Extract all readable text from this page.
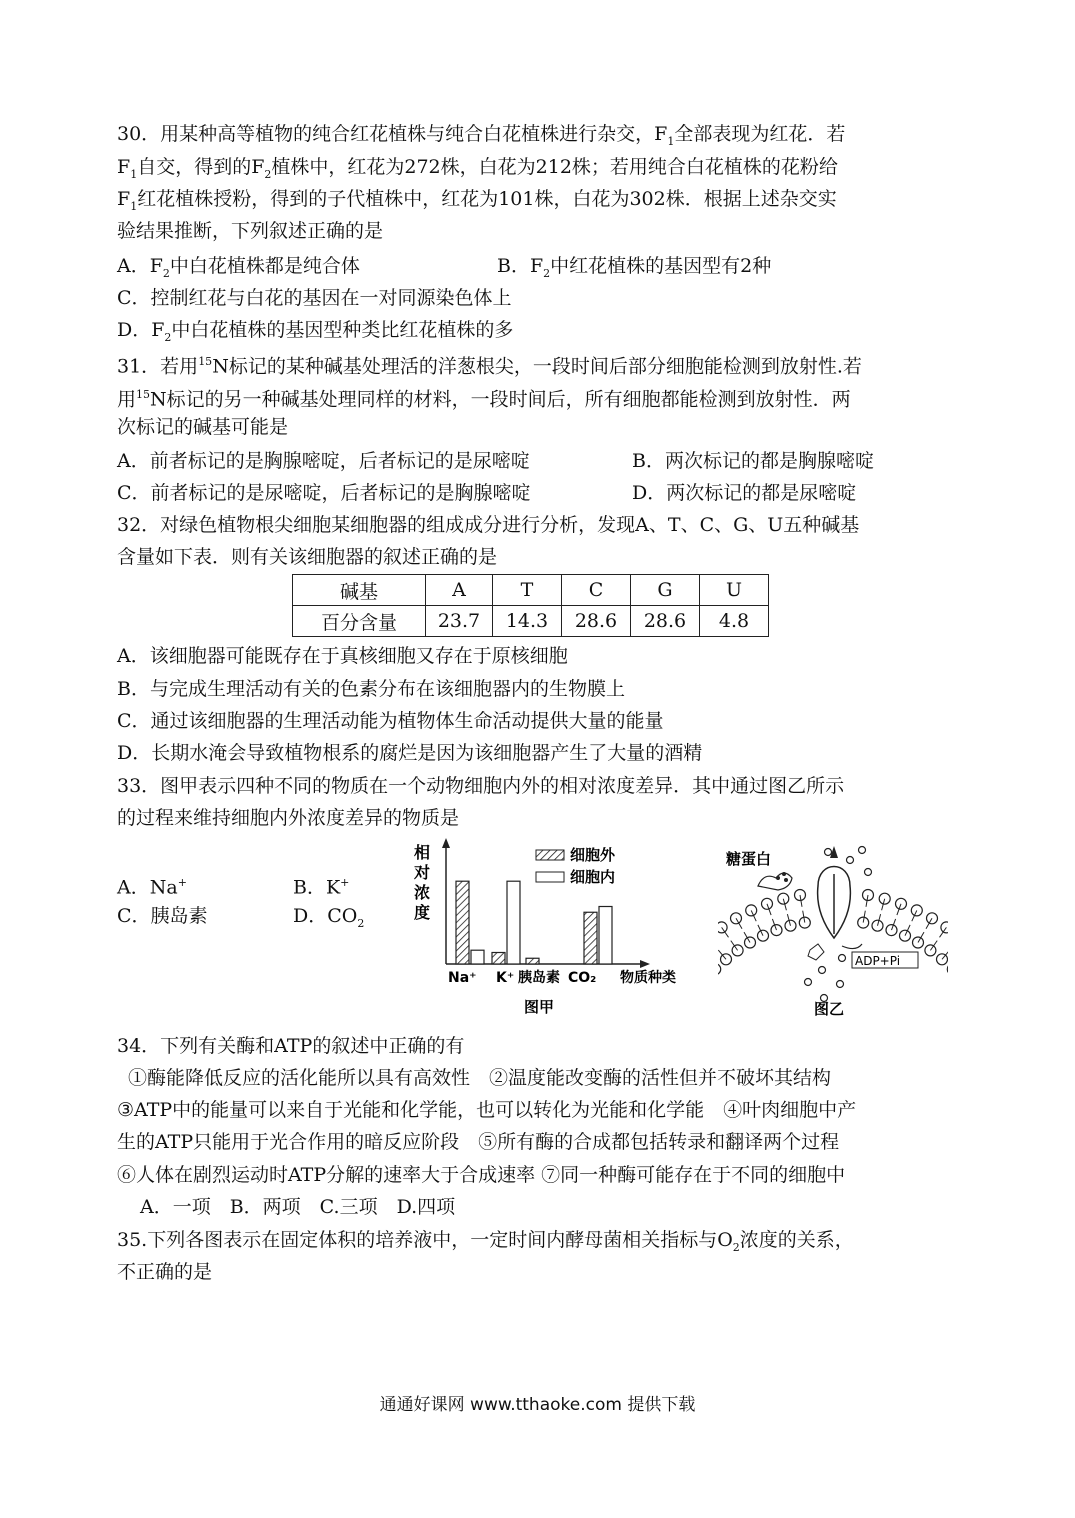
30．用某种高等植物的纯合红花植株与纯合白花植株进行杂交，$F_1$全部表现为红花．若
$F_1$自交，得到的$F_2$植株中，红花为272株，白花为212株；若用纯合白花植株的花粉给
$F_1$红花植株授粉，得到的子代植株中，红花为101株，白花为302株．根据上述杂交实
验结果推断，下列叙述正确的是
A．$F_2$中白花植株都是纯合体	B．$F_2$中红花植株的基因型有2种
C．控制红花与白花的基因在一对同源染色体上
D．$F_2$中白花植株的基因型种类比红花植株的多
31．若用$^{15}$N标记的某种碱基处理活的洋葱根尖，一段时间后部分细胞能检测到放射性.若
用$^{15}$N标记的另一种碱基处理同样的材料，一段时间后，所有细胞都能检测到放射性．两
次标记的碱基可能是
A．前者标记的是胸腺嘧啶，后者标记的是尿嘧啶	B．两次标记的都是胸腺嘧啶
C．前者标记的是尿嘧啶，后者标记的是胸腺嘧啶	D．两次标记的都是尿嘧啶
32．对绿色植物根尖细胞某细胞器的组成成分进行分析，发现A、T、C、G、U五种碱基
含量如下表．则有关该细胞器的叙述正确的是
碱基	A	T	C	G	U
百分含量	23.7	14.3	28.6	28.6	4.8
A．该细胞器可能既存在于真核细胞又存在于原核细胞
B．与完成生理活动有关的色素分布在该细胞器内的生物膜上
C．通过该细胞器的生理活动能为植物体生命活动提供大量的能量
D．长期水淹会导致植物根系的腐烂是因为该细胞器产生了大量的酒精
33．图甲表示四种不同的物质在一个动物细胞内外的相对浓度差异．其中通过图乙所示
的过程来维持细胞内外浓度差异的物质是
A．Na+	B．K+
C．胰岛素	D．$CO_2$
相
对
浓
度
细胞外
细胞内
Na⁺ K⁺ 胰岛素 CO₂ 物质种类
图甲
糖蛋白
ADP+Pi
图乙
34．下列有关酶和ATP的叙述中正确的有
①酶能降低反应的活化能所以具有高效性　②温度能改变酶的活性但并不破坏其结构
③ATP中的能量可以来自于光能和化学能，也可以转化为光能和化学能　④叶肉细胞中产
生的ATP只能用于光合作用的暗反应阶段　⑤所有酶的合成都包括转录和翻译两个过程
⑥人体在剧烈运动时ATP分解的速率大于合成速率 ⑦同一种酶可能存在于不同的细胞中
A．一项　B．两项　C.三项　D.四项
35.下列各图表示在固定体积的培养液中，一定时间内酵母菌相关指标与$O_2$浓度的关系，
不正确的是
通通好课网 www.tthaoke.com 提供下载
